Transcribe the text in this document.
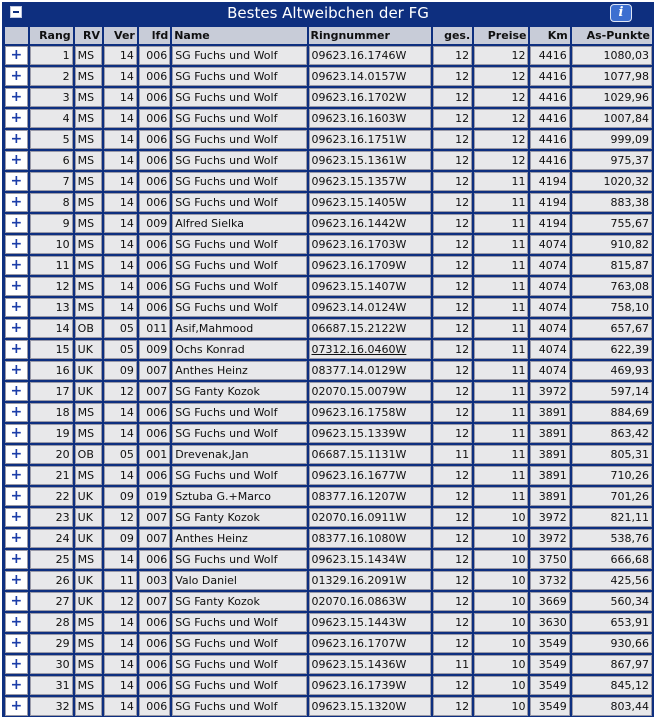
Bestes Altweibchen der FG	i
	Rang	RV	Ver	lfd	Name	Ringnummer	ges.	Preise	Km	As-Punkte
+	1	MS	14	006	SG Fuchs und Wolf	09623.16.1746W	12	12	4416	1080,03
+	2	MS	14	006	SG Fuchs und Wolf	09623.14.0157W	12	12	4416	1077,98
+	3	MS	14	006	SG Fuchs und Wolf	09623.16.1702W	12	12	4416	1029,96
+	4	MS	14	006	SG Fuchs und Wolf	09623.16.1603W	12	12	4416	1007,84
+	5	MS	14	006	SG Fuchs und Wolf	09623.16.1751W	12	12	4416	999,09
+	6	MS	14	006	SG Fuchs und Wolf	09623.15.1361W	12	12	4416	975,37
+	7	MS	14	006	SG Fuchs und Wolf	09623.15.1357W	12	11	4194	1020,32
+	8	MS	14	006	SG Fuchs und Wolf	09623.15.1405W	12	11	4194	883,38
+	9	MS	14	009	Alfred Sielka	09623.16.1442W	12	11	4194	755,67
+	10	MS	14	006	SG Fuchs und Wolf	09623.16.1703W	12	11	4074	910,82
+	11	MS	14	006	SG Fuchs und Wolf	09623.16.1709W	12	11	4074	815,87
+	12	MS	14	006	SG Fuchs und Wolf	09623.15.1407W	12	11	4074	763,08
+	13	MS	14	006	SG Fuchs und Wolf	09623.14.0124W	12	11	4074	758,10
+	14	OB	05	011	Asif,Mahmood	06687.15.2122W	12	11	4074	657,67
+	15	UK	05	009	Ochs Konrad	07312.16.0460W	12	11	4074	622,39
+	16	UK	09	007	Anthes Heinz	08377.14.0129W	12	11	4074	469,93
+	17	UK	12	007	SG Fanty Kozok	02070.15.0079W	12	11	3972	597,14
+	18	MS	14	006	SG Fuchs und Wolf	09623.16.1758W	12	11	3891	884,69
+	19	MS	14	006	SG Fuchs und Wolf	09623.15.1339W	12	11	3891	863,42
+	20	OB	05	001	Drevenak,Jan	06687.15.1131W	11	11	3891	805,31
+	21	MS	14	006	SG Fuchs und Wolf	09623.16.1677W	12	11	3891	710,26
+	22	UK	09	019	Sztuba G.+Marco	08377.16.1207W	12	11	3891	701,26
+	23	UK	12	007	SG Fanty Kozok	02070.16.0911W	12	10	3972	821,11
+	24	UK	09	007	Anthes Heinz	08377.16.1080W	12	10	3972	538,76
+	25	MS	14	006	SG Fuchs und Wolf	09623.15.1434W	12	10	3750	666,68
+	26	UK	11	003	Valo Daniel	01329.16.2091W	12	10	3732	425,56
+	27	UK	12	007	SG Fanty Kozok	02070.16.0863W	12	10	3669	560,34
+	28	MS	14	006	SG Fuchs und Wolf	09623.15.1443W	12	10	3630	653,91
+	29	MS	14	006	SG Fuchs und Wolf	09623.16.1707W	12	10	3549	930,66
+	30	MS	14	006	SG Fuchs und Wolf	09623.15.1436W	11	10	3549	867,97
+	31	MS	14	006	SG Fuchs und Wolf	09623.16.1739W	12	10	3549	845,12
+	32	MS	14	006	SG Fuchs und Wolf	09623.15.1320W	12	10	3549	803,44
